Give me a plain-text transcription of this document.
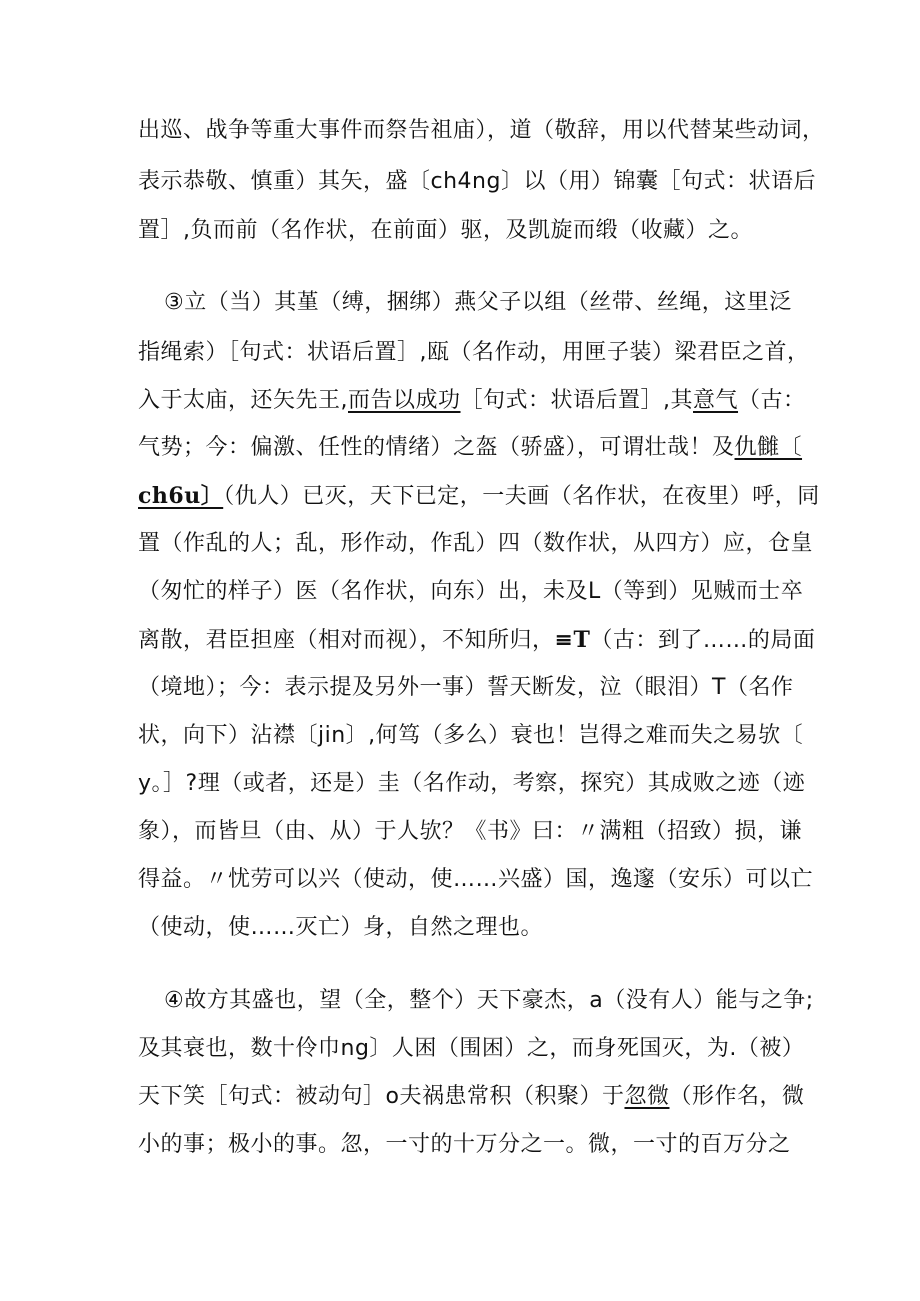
出巡、战争等重大事件而祭告祖庙），道（敬辞，用以代替某些动词，
表示恭敬、慎重）其矢，盛〔ch4ng〕以（用）锦囊［句式：状语后
置］,负而前（名作状，在前面）驱，及凯旋而缎（收藏）之。
③立（当）其堇（缚，捆绑）燕父子以组（丝带、丝绳，这里泛
指绳索）［句式：状语后置］,瓯（名作动，用匣子装）梁君臣之首，
入于太庙，还矢先王,而告以成功［句式：状语后置］,其意气（古：
气势；今：偏激、任性的情绪）之盔（骄盛），可谓壮哉！及仇雠〔
ch6u〕（仇人）已灭，天下已定，一夫画（名作状，在夜里）呼，同
置（作乱的人；乱，形作动，作乱）四（数作状，从四方）应，仓皇
（匆忙的样子）医（名作状，向东）出，未及L（等到）见贼而士卒
离散，君臣担座（相对而视），不知所归，≡T（古：到了……的局面
（境地）；今：表示提及另外一事）誓天断发，泣（眼泪）T（名作
状，向下）沾襟〔jin〕,何笃（多么）衰也！岂得之难而失之易欤〔
y。］?理（或者，还是）圭（名作动，考察，探究）其成败之迹（迹
象），而皆旦（由、从）于人欤？《书》曰：〃满粗（招致）损，谦
得益。〃忧劳可以兴（使动，使……兴盛）国，逸邃（安乐）可以亡
（使动，使……灭亡）身，自然之理也。
④故方其盛也，望（全，整个）天下豪杰，a（没有人）能与之争;
及其衰也，数十伶巾ng〕人困（围困）之，而身死国灭，为.（被）
天下笑［句式：被动句］o夫祸患常积（积聚）于忽微（形作名，微
小的事；极小的事。忽，一寸的十万分之一。微，一寸的百万分之
